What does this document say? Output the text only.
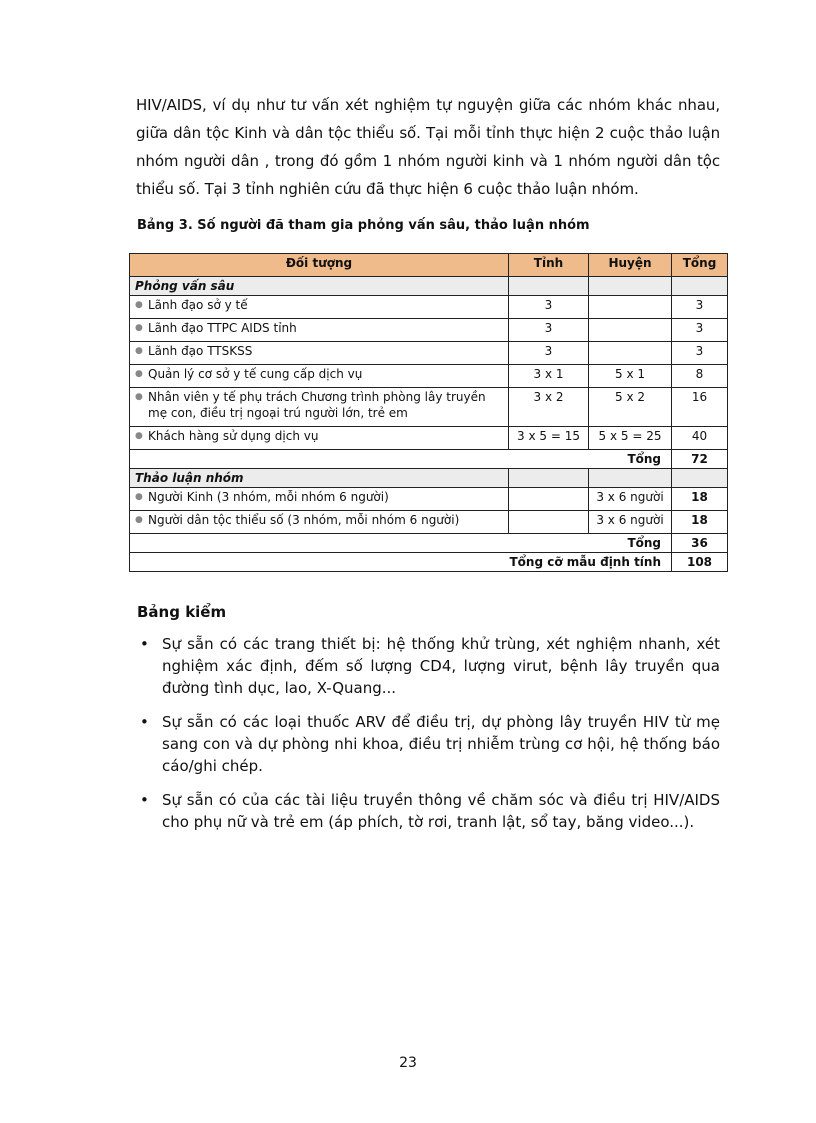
HIV/AIDS, ví dụ như tư vấn xét nghiệm tự nguyện giữa các nhóm khác nhau, giữa dân tộc Kinh và dân tộc thiểu số. Tại mỗi tỉnh thực hiện 2 cuộc thảo luận nhóm người dân , trong đó gồm 1 nhóm người kinh và 1 nhóm người dân tộc thiểu số. Tại 3 tỉnh nghiên cứu đã thực hiện 6 cuộc thảo luận nhóm.

Bảng 3. Số người đã tham gia phỏng vấn sâu, thảo luận nhóm
Đối tượng	Tỉnh	Huyện	Tổng
Phỏng vấn sâu			

● Lãnh đạo sở y tế	3		3

● Lãnh đạo TTPC AIDS tỉnh	3		3

● Lãnh đạo TTSKSS	3		3

● Quản lý cơ sở y tế cung cấp dịch vụ	3 x 1	5 x 1	8

● Nhân viên y tế phụ trách Chương trình phòng lây truyền mẹ con, điều trị ngoại trú người lớn, trẻ em	3 x 2	5 x 2	16

● Khách hàng sử dụng dịch vụ	3 x 5 = 15	5 x 5 = 25	40
Tổng			72
Thảo luận nhóm			

● Người Kinh (3 nhóm, mỗi nhóm 6 người)		3 x 6 người	18

● Người dân tộc thiểu số (3 nhóm, mỗi nhóm 6 người)		3 x 6 người	18
Tổng			36
Tổng cỡ mẫu định tính			108
Bảng kiểm
• Sự sẵn có các trang thiết bị: hệ thống khử trùng, xét nghiệm nhanh, xét nghiệm xác định, đếm số lượng CD4, lượng virut, bệnh lây truyền qua đường tình dục, lao, X-Quang...
• Sự sẵn có các loại thuốc ARV để điều trị, dự phòng lây truyền HIV từ mẹ sang con và dự phòng nhi khoa, điều trị nhiễm trùng cơ hội, hệ thống báo cáo/ghi chép.
• Sự sẵn có của các tài liệu truyền thông về chăm sóc và điều trị HIV/AIDS cho phụ nữ và trẻ em (áp phích, tờ rơi, tranh lật, sổ tay, băng video...).
23
